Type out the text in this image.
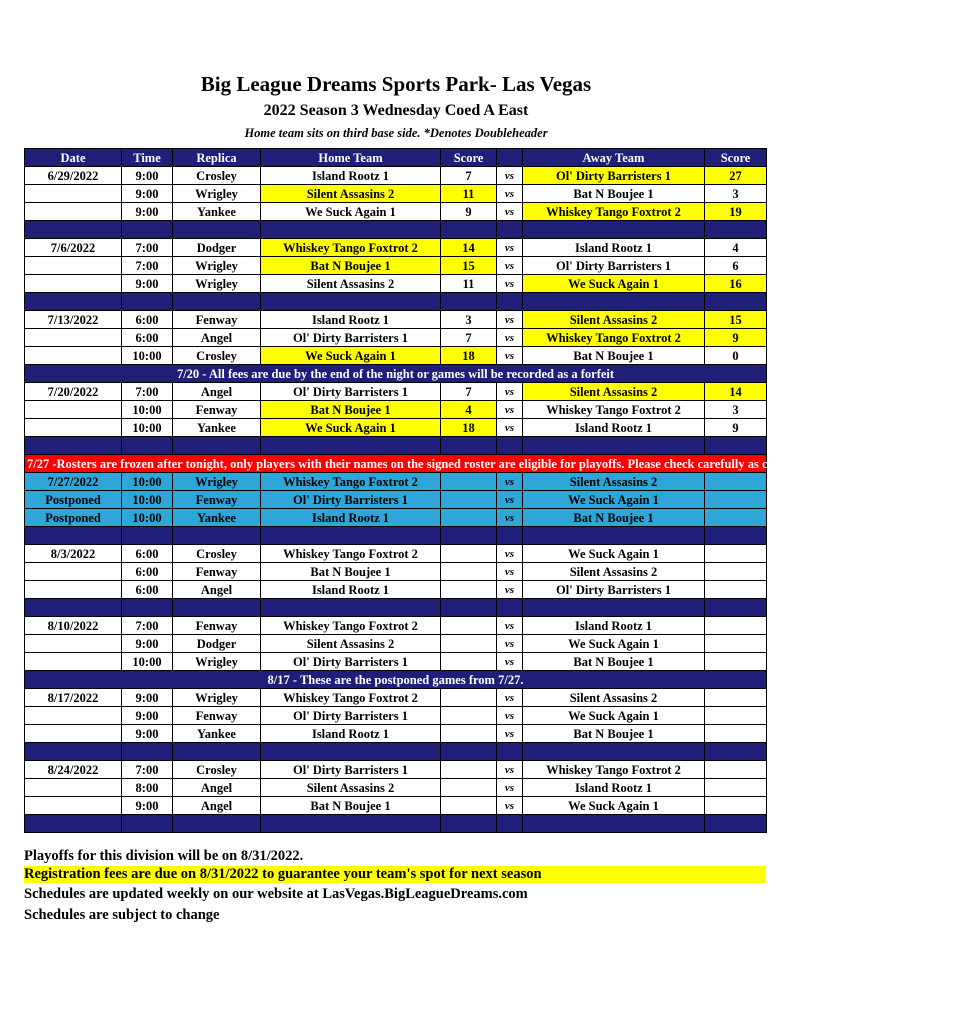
Big League Dreams Sports Park- Las Vegas
2022 Season 3 Wednesday Coed A East
Home team sits on third base side. *Denotes Doubleheader
Date	Time	Replica	Home Team	Score		Away Team	Score
6/29/2022	9:00	Crosley	Island Rootz 1	7	vs	Ol' Dirty Barristers 1	27
	9:00	Wrigley	Silent Assasins 2	11	vs	Bat N Boujee 1	3
	9:00	Yankee	We Suck Again 1	9	vs	Whiskey Tango Foxtrot 2	19

7/6/2022	7:00	Dodger	Whiskey Tango Foxtrot 2	14	vs	Island Rootz 1	4
	7:00	Wrigley	Bat N Boujee 1	15	vs	Ol' Dirty Barristers 1	6
	9:00	Wrigley	Silent Assasins 2	11	vs	We Suck Again 1	16

7/13/2022	6:00	Fenway	Island Rootz 1	3	vs	Silent Assasins 2	15
	6:00	Angel	Ol' Dirty Barristers 1	7	vs	Whiskey Tango Foxtrot 2	9
	10:00	Crosley	We Suck Again 1	18	vs	Bat N Boujee 1	0
7/20 - All fees are due by the end of the night or games will be recorded as a forfeit							
7/20/2022	7:00	Angel	Ol' Dirty Barristers 1	7	vs	Silent Assasins 2	14
	10:00	Fenway	Bat N Boujee 1	4	vs	Whiskey Tango Foxtrot 2	3
	10:00	Yankee	We Suck Again 1	18	vs	Island Rootz 1	9

7/27 -Rosters are frozen after tonight, only players with their names on the signed roster are eligible for playoffs. Please check carefully as changes will not be made for omissions.							
7/27/2022	10:00	Wrigley	Whiskey Tango Foxtrot 2		vs	Silent Assasins 2	
Postponed	10:00	Fenway	Ol' Dirty Barristers 1		vs	We Suck Again 1	
Postponed	10:00	Yankee	Island Rootz 1		vs	Bat N Boujee 1	

8/3/2022	6:00	Crosley	Whiskey Tango Foxtrot 2		vs	We Suck Again 1	
	6:00	Fenway	Bat N Boujee 1		vs	Silent Assasins 2	
	6:00	Angel	Island Rootz 1		vs	Ol' Dirty Barristers 1	

8/10/2022	7:00	Fenway	Whiskey Tango Foxtrot 2		vs	Island Rootz 1	
	9:00	Dodger	Silent Assasins 2		vs	We Suck Again 1	
	10:00	Wrigley	Ol' Dirty Barristers 1		vs	Bat N Boujee 1	
8/17 - These are the postponed games from 7/27.							
8/17/2022	9:00	Wrigley	Whiskey Tango Foxtrot 2		vs	Silent Assasins 2	
	9:00	Fenway	Ol' Dirty Barristers 1		vs	We Suck Again 1	
	9:00	Yankee	Island Rootz 1		vs	Bat N Boujee 1	

8/24/2022	7:00	Crosley	Ol' Dirty Barristers 1		vs	Whiskey Tango Foxtrot 2	
	8:00	Angel	Silent Assasins 2		vs	Island Rootz 1	
	9:00	Angel	Bat N Boujee 1		vs	We Suck Again 1	

Playoffs for this division will be on 8/31/2022.
Registration fees are due on 8/31/2022 to guarantee your team's spot for next season
Schedules are updated weekly on our website at LasVegas.BigLeagueDreams.com
Schedules are subject to change
